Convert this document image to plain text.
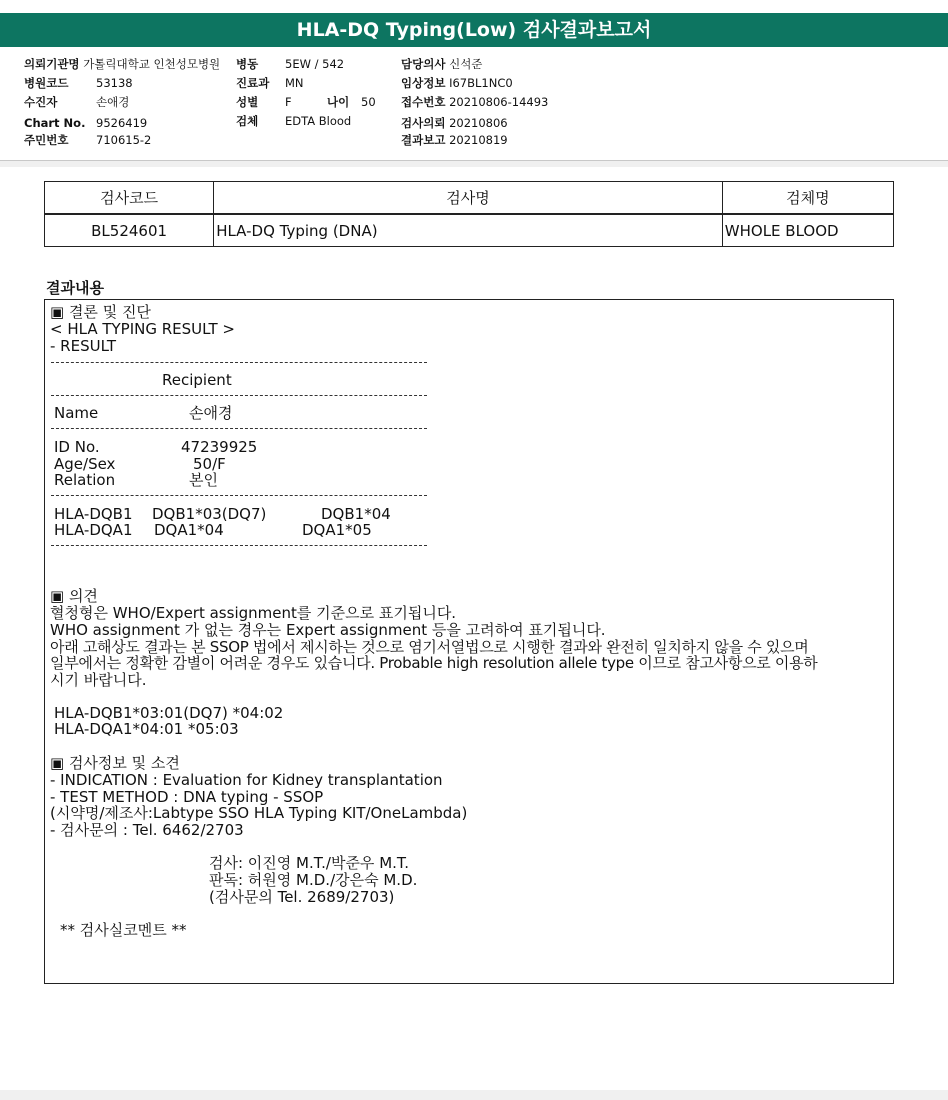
HLA-DQ Typing(Low) 검사결과보고서
의뢰기관명 가톨릭대학교 인천성모병원 병동 5EW / 542	담당의사 신석준
병원코드 53138	진료과 MN	임상정보 I67BL1NC0
수진자	손애경	성별 F	나이 50 접수번호 20210806-14493
Chart No. 9526419	검체 EDTA Blood	검사의뢰 20210806
주민번호 710615-2	결과보고 20210819
검사코드	검사명	검체명
BL524601	HLA-DQ Typing (DNA)	WHOLE BLOOD
결과내용
▣ 결론 및 진단
< HLA TYPING RESULT >
- RESULT
Recipient
Name	손애경
ID No.	47239925
Age/Sex	50/F
Relation	본인
HLA-DQB1 DQB1*03(DQ7)	DQB1*04
HLA-DQA1 DQA1*04	DQA1*05
▣ 의견
혈청형은 WHO/Expert assignment를 기준으로 표기됩니다.
WHO assignment 가 없는 경우는 Expert assignment 등을 고려하여 표기됩니다.
아래 고해상도 결과는 본 SSOP 법에서 제시하는 것으로 염기서열법으로 시행한 결과와 완전히 일치하지 않을 수 있으며
일부에서는 정확한 감별이 어려운 경우도 있습니다. Probable high resolution allele type 이므로 참고사항으로 이용하
시기 바랍니다.
HLA-DQB1*03:01(DQ7) *04:02
HLA-DQA1*04:01 *05:03
▣ 검사정보 및 소견
- INDICATION : Evaluation for Kidney transplantation
- TEST METHOD : DNA typing - SSOP
(시약명/제조사:Labtype SSO HLA Typing KIT/OneLambda)
- 검사문의 : Tel. 6462/2703
검사: 이진영 M.T./박준우 M.T.
판독: 허원영 M.D./강은숙 M.D.
(검사문의 Tel. 2689/2703)
** 검사실코멘트 **
